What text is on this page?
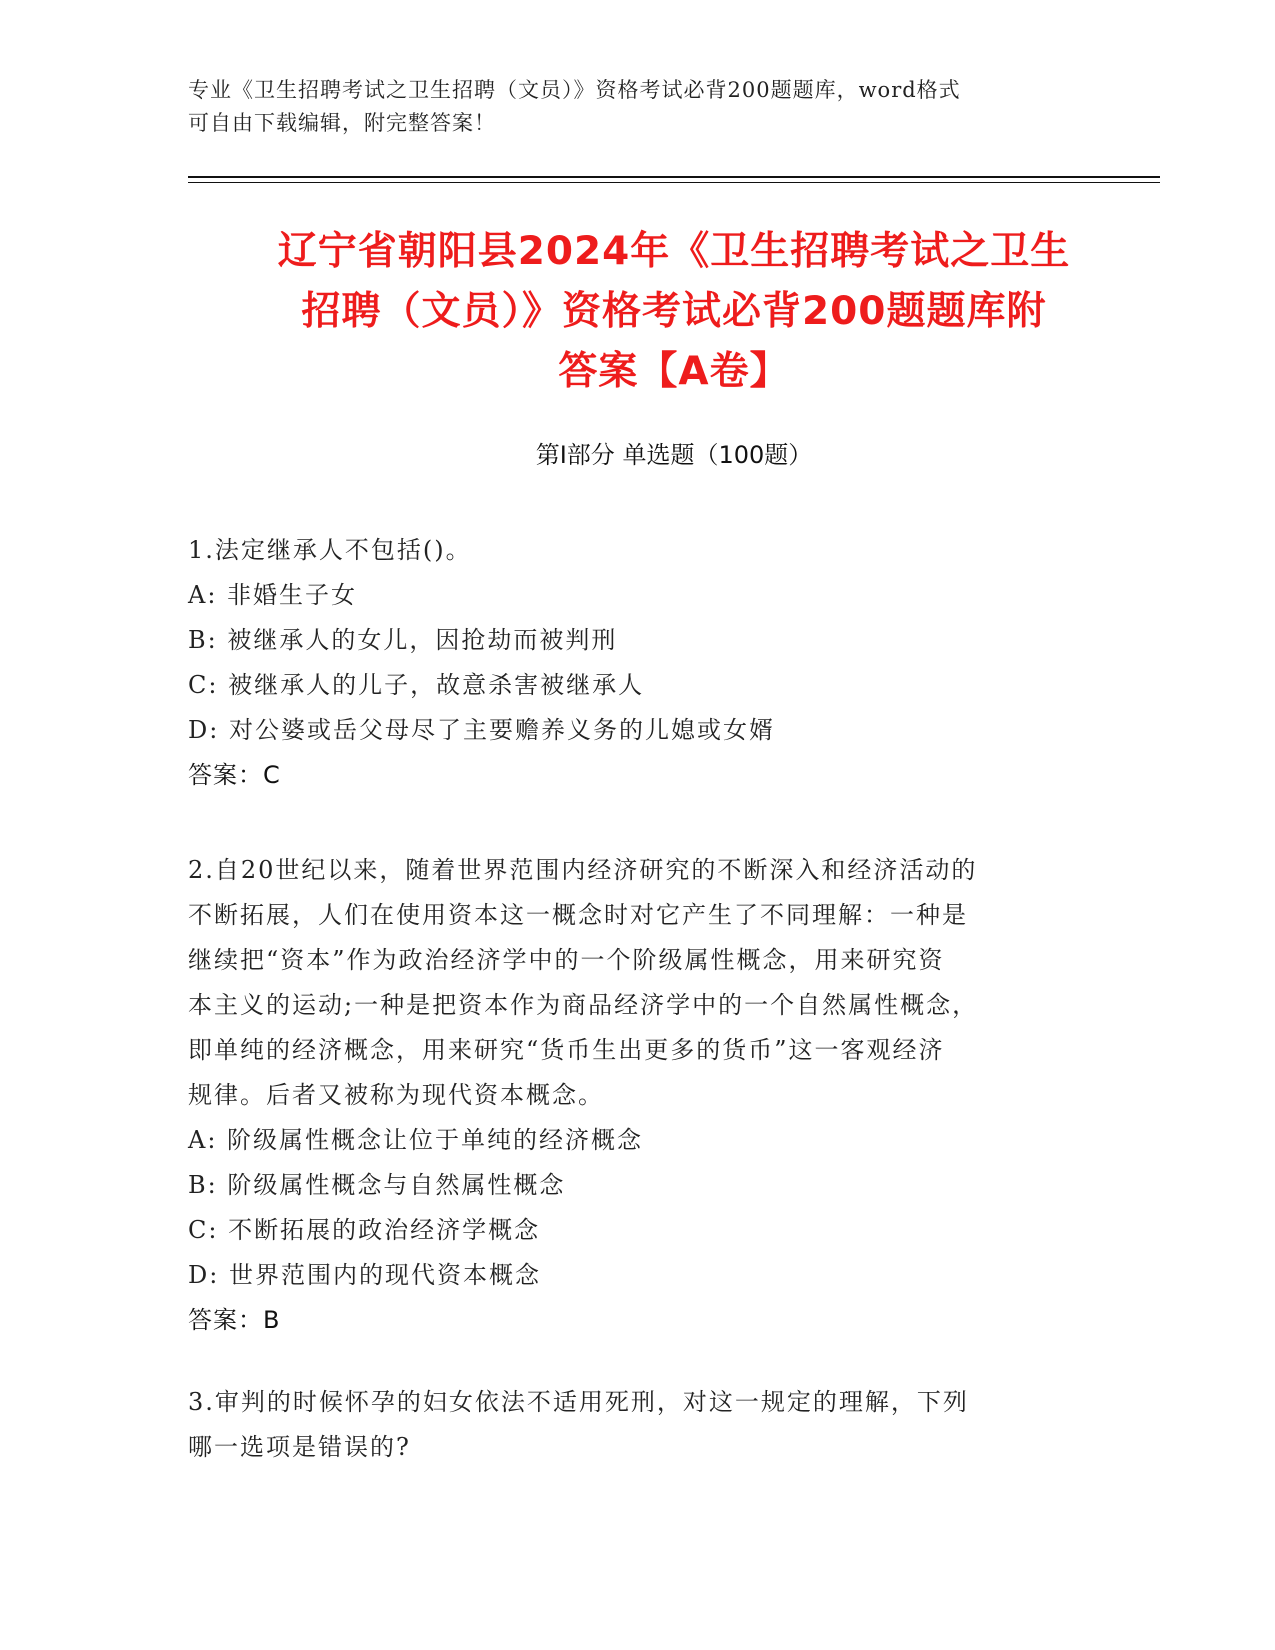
专业《卫生招聘考试之卫生招聘（文员）》资格考试必背200题题库，word格式
可自由下载编辑，附完整答案！
辽宁省朝阳县2024年《卫生招聘考试之卫生
招聘（文员）》资格考试必背200题题库附
答案【A卷】
第Ⅰ部分 单选题（100题）
1.法定继承人不包括()。
A: 非婚生子女
B: 被继承人的女儿，因抢劫而被判刑
C: 被继承人的儿子，故意杀害被继承人
D: 对公婆或岳父母尽了主要赡养义务的儿媳或女婿
答案：C
2.自20世纪以来，随着世界范围内经济研究的不断深入和经济活动的
不断拓展，人们在使用资本这一概念时对它产生了不同理解：一种是
继续把“资本”作为政治经济学中的一个阶级属性概念，用来研究资
本主义的运动;一种是把资本作为商品经济学中的一个自然属性概念，
即单纯的经济概念，用来研究“货币生出更多的货币”这一客观经济
规律。后者又被称为现代资本概念。
A: 阶级属性概念让位于单纯的经济概念
B: 阶级属性概念与自然属性概念
C: 不断拓展的政治经济学概念
D: 世界范围内的现代资本概念
答案：B
3.审判的时候怀孕的妇女依法不适用死刑，对这一规定的理解，下列
哪一选项是错误的?
